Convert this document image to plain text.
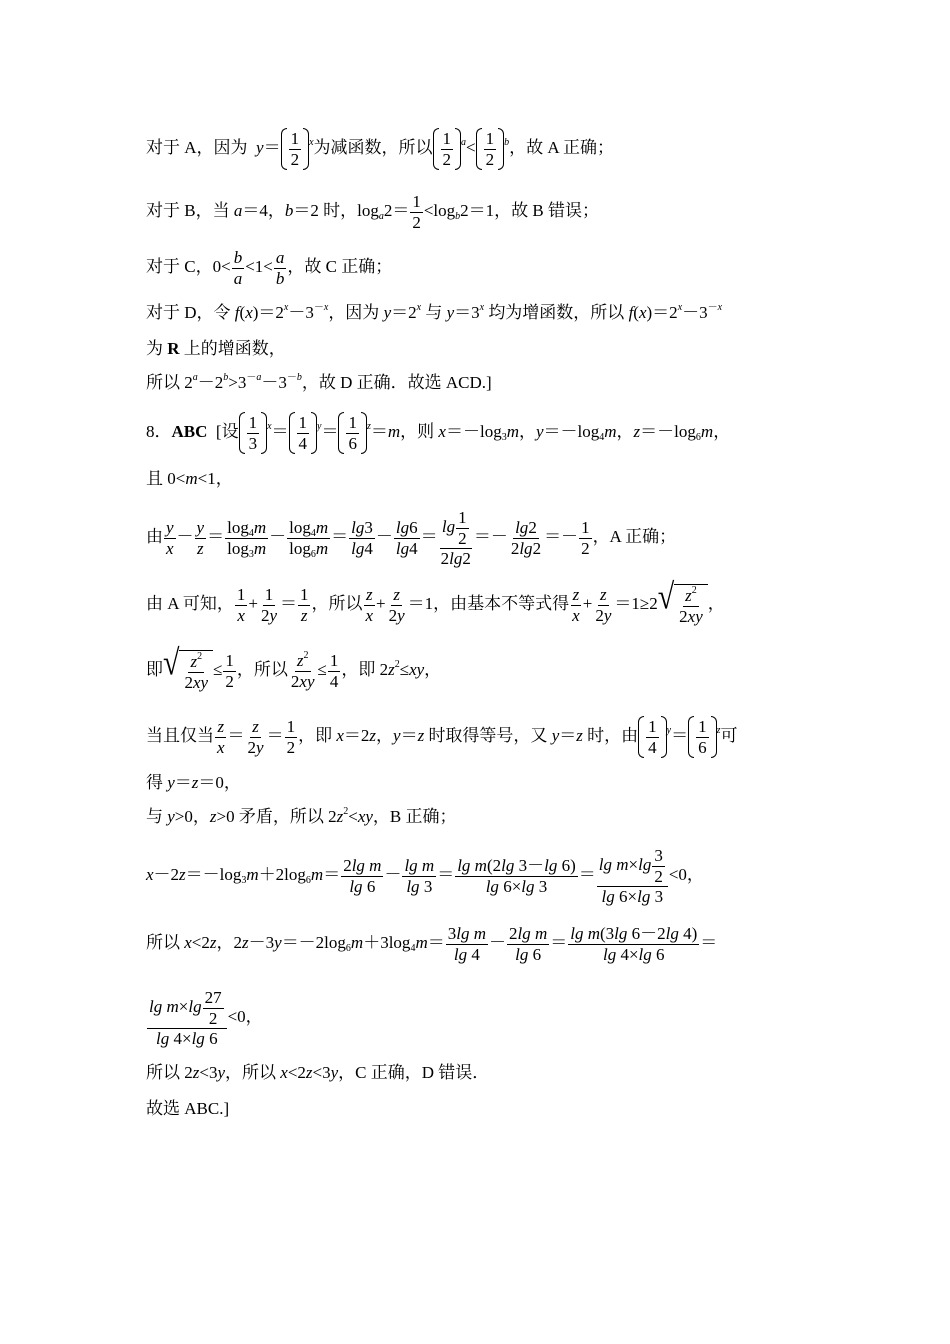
对于 A，因为  $y= \frac{1}{2} ^x$为减函数，所以 $\frac{1}{2} ^a< \frac{1}{2} ^b$，故 A 正确；
对于 B，当 a＝4，b＝2 时，$\log_a2= \frac{1}{2} <\log_b2=1$，故 B 错误；
对于 C，$0< \frac{b}{a} <1< \frac{a}{b}$ ，故 C 正确；
对于 D，令 $f(x)=2^x-3^{-x}$，因为 $y=2^x$ 与 $y=3^x$ 均为增函数，所以 $f(x)=2^x-3^{-x}$
为 R 上的增函数，
所以 $2^a-2^b>3^{-a}-3^{-b}$，故 D 正确．故选 ACD.]
8．ABC  [设 $\frac{1}{3} ^x= \frac{1}{4} ^y= \frac{1}{6} ^z=m$，则 $x=-\log_3m$，$y=-\log_4m$，$z=-\log_6m$，
且 0<m<1，
由 $\frac{y}{x} - \frac{y}{z} = \frac{\log_4m}{\log_3m} - \frac{\log_4m}{\log_6m} = \frac{\lg 3}{\lg 4} - \frac{\lg 6}{\lg 4} = \frac{\lg \frac{1}{2}}{2\lg 2} =- \frac{\lg 2}{2\lg 2} =- \frac{1}{2}$ ，A 正确；
由 A 可知， $\frac{1}{x} + \frac{1}{2y} = \frac{1}{z}$ ，所以 $\frac{z}{x} + \frac{z}{2y} =1$，由基本不等式得 $\frac{z}{x} + \frac{z}{2y} =1\ge 2$ √ $\frac{z^2}{2xy}$ ，
即 √ $\frac{z^2}{2xy} \le \frac{1}{2}$ ，所以 $\frac{z^2}{2xy} \le \frac{1}{4}$ ，即 $2z^2\le xy$，
当且仅当 $\frac{z}{x} = \frac{z}{2y} = \frac{1}{2}$ ，即 x＝2z，y＝z 时取得等号，又 y＝z 时，由 $\frac{1}{4} ^y= \frac{1}{6} ^z$可
得 y＝z＝0，
与 y>0，z>0 矛盾，所以 $2z^2<xy$，B 正确；
$x-2z=-\log_3m+2\log_6m= \frac{\text{2lg m}}{\lg 6} - \frac{\text{lg m}}{\lg 3} = \frac{\text{lg m(2lg 3－lg 6)}}{\lg 6\times\lg 3} = \frac{\lg m\times\lg \frac{3}{2}}{\lg 6\times\lg 3} <0$，
所以 x<2z，$2z-3y=-2\log_6m+3\log_4m= \frac{\text{3lg m}}{\lg 4} - \frac{\text{2lg m}}{\lg 6} = \frac{\text{lg m(3lg 6－2lg 4)}}{\lg 4\times\lg 6}$ ＝
$\frac{\lg m\times\lg \frac{27}{2}}{\lg 4\times\lg 6} <0$，
所以 2z<3y，所以 x<2z<3y，C 正确，D 错误．
故选 ABC.]
